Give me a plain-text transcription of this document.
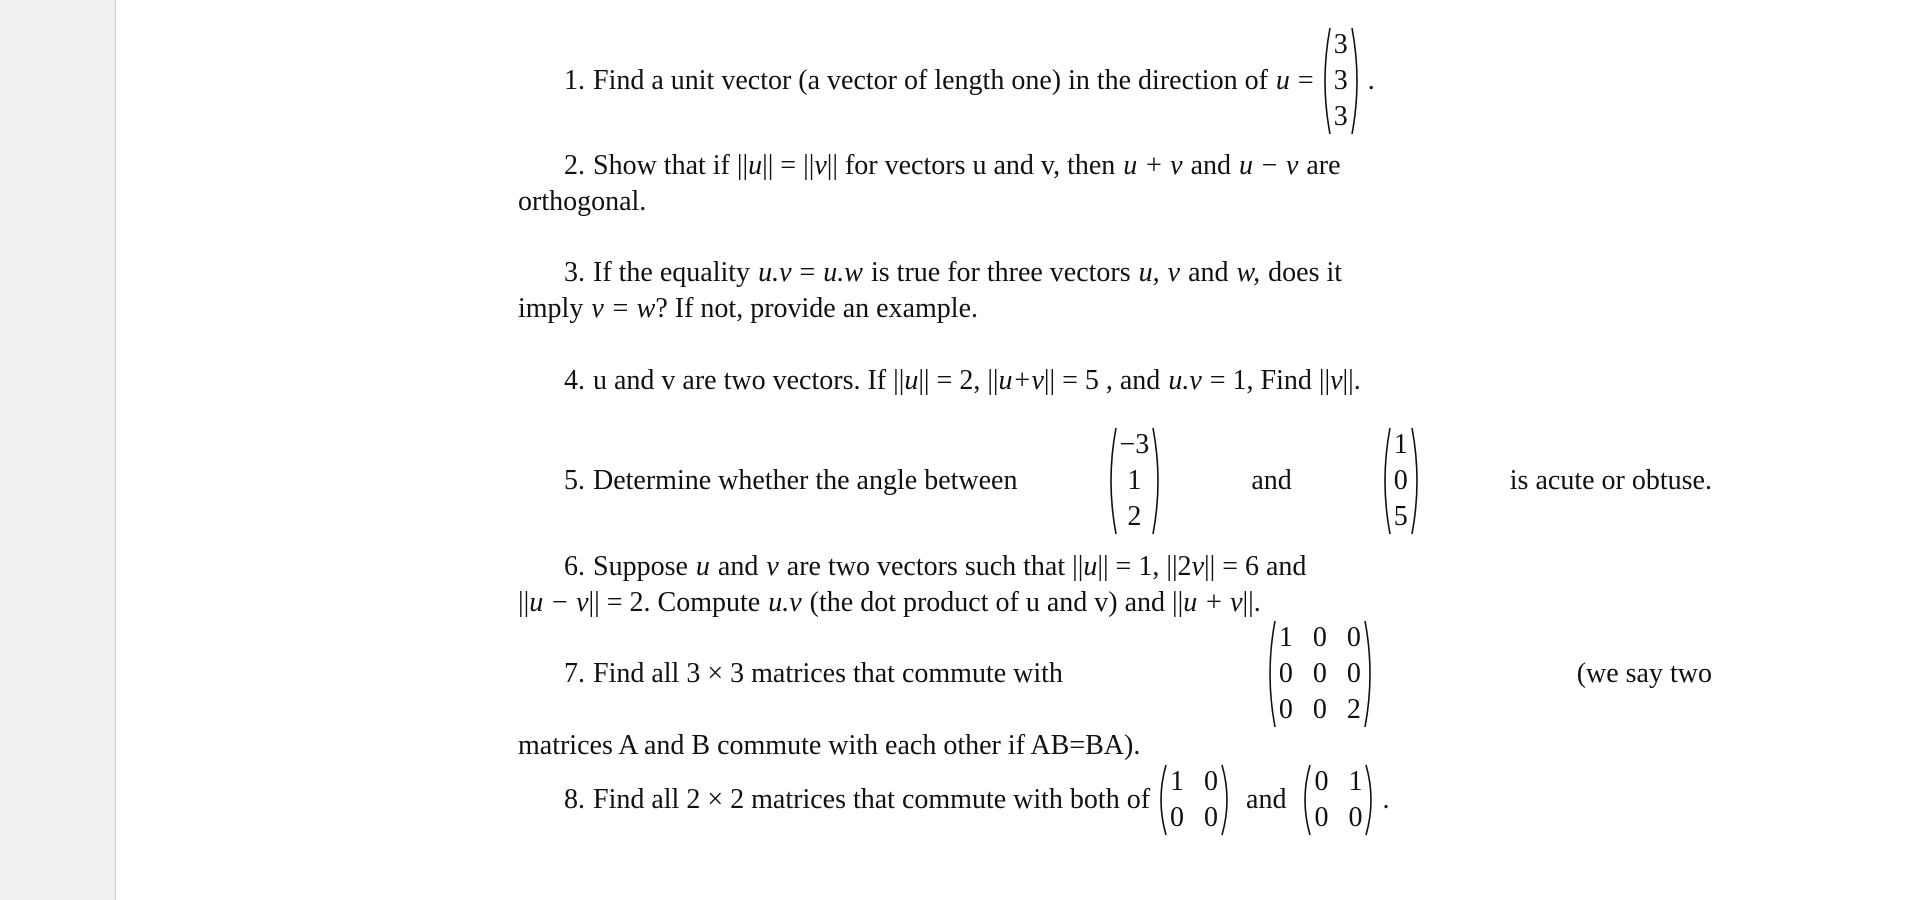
1. Find a unit vector (a vector of length one) in the direction of u =
3
3
3
.
2. Show that if ||u|| = ||v|| for vectors u and v, then u + v and u − v are
orthogonal.
3. If the equality u.v = u.w is true for three vectors u, v and w, does it
imply v = w? If not, provide an example.
4. u and v are two vectors. If ||u|| = 2, ||u+v|| = 5 , and u.v = 1, Find ||v||.
5. Determine whether the angle between
−3
1
2
and
1
0
5
is acute or obtuse.
6. Suppose u and v are two vectors such that ||u|| = 1, ||2v|| = 6 and
||u − v|| = 2. Compute u.v (the dot product of u and v) and ||u + v||.
7. Find all 3 × 3 matrices that commute with
1 0 0
0 0 0
0 0 2
(we say two
matrices A and B commute with each other if AB=BA).
8. Find all 2 × 2 matrices that commute with both of
1 0
0 0
and
0 1
0 0
.
